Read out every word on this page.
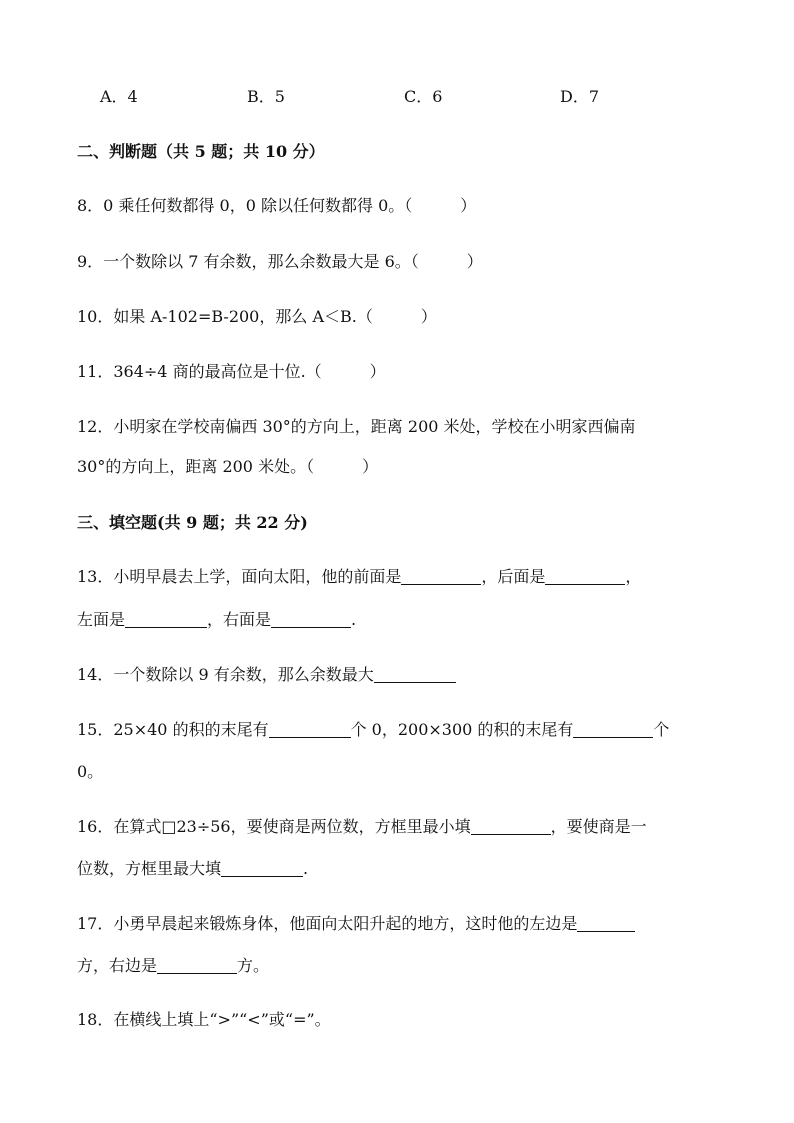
A．4	B．5	C．6	D．7
二、判断题（共 5 题；共 10 分）
8．0 乘任何数都得 0，0 除以任何数都得 0。（　　　）
9．一个数除以 7 有余数，那么余数最大是 6。（　　　）
10．如果 A-102=B-200，那么 A＜B.（　　　）
11．364÷4 商的最高位是十位.（　　　）
12．小明家在学校南偏西 30°的方向上，距离 200 米处，学校在小明家西偏南
30°的方向上，距离 200 米处。（　　　）
三、填空题(共 9 题；共 22 分)
13．小明早晨去上学，面向太阳，他的前面是	，后面是	，
左面是	，右面是	.
14．一个数除以 9 有余数，那么余数最大
15．25×40 的积的末尾有	个 0，200×300 的积的末尾有	个
0。
16．在算式□23÷56，要使商是两位数，方框里最小填	，要使商是一
位数，方框里最大填	.
17．小勇早晨起来锻炼身体，他面向太阳升起的地方，这时他的左边是
方，右边是	方。
18．在横线上填上“>”“<”或“=”。
